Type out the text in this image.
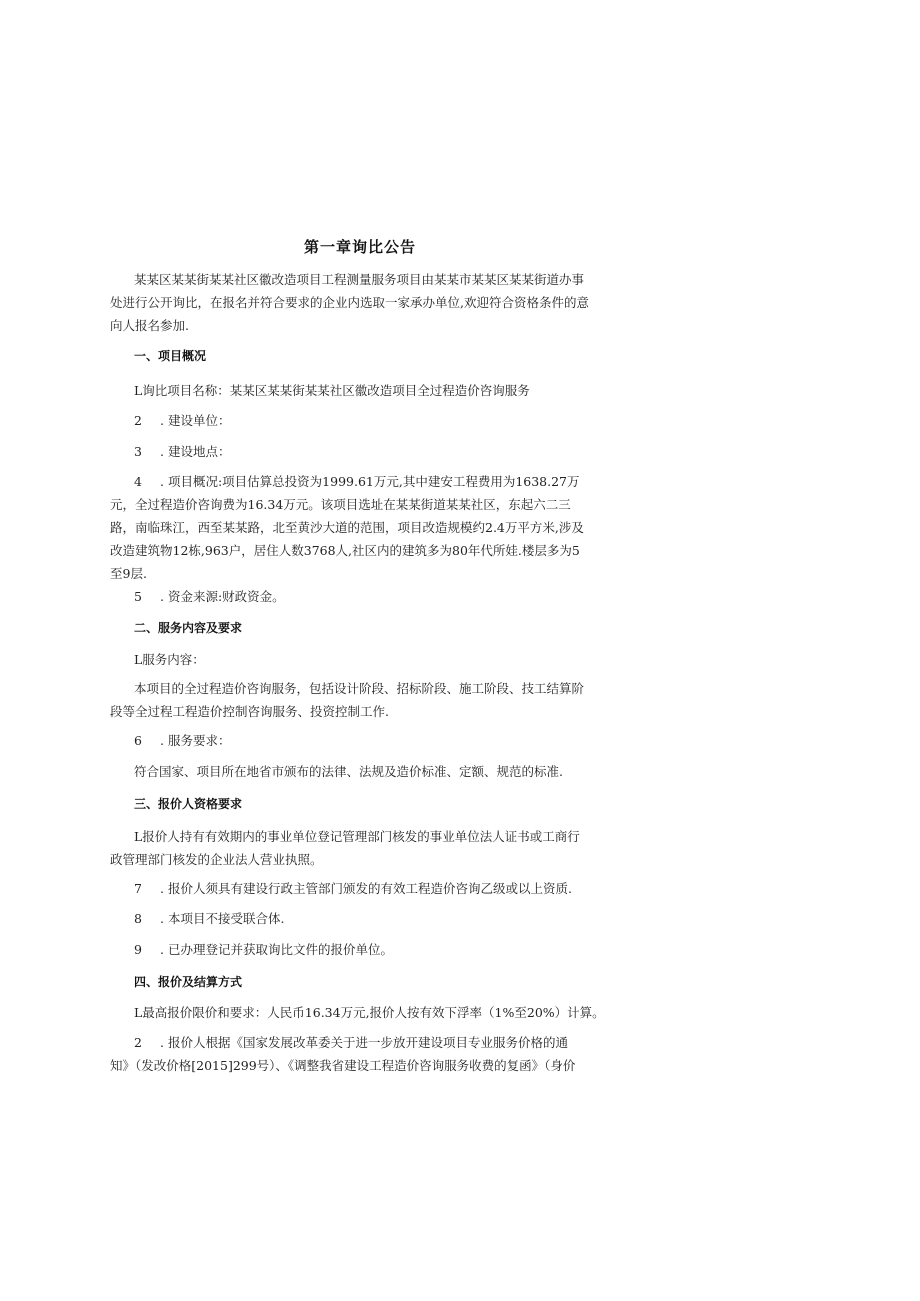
第一章询比公告
某某区某某街某某社区徽改造项目工程测量服务项目由某某市某某区某某街道办事
处进行公开询比，在报名并符合要求的企业内选取一家承办单位,欢迎符合资格条件的意
向人报名参加.
一、项目概况
L询比项目名称：某某区某某街某某社区徽改造项目全过程造价咨询服务
2 . 建设单位：
3 . 建设地点：
4 . 项目概况:项目估算总投资为1999.61万元,其中建安工程费用为1638.27万
元，全过程造价咨询费为16.34万元。该项目选址在某某街道某某社区，东起六二三
路，南临珠江，西至某某路，北至黄沙大道的范围，项目改造规模约2.4万平方米,涉及
改造建筑物12栋,963户，居住人数3768人,社区内的建筑多为80年代所娃.楼层多为5
至9层.
5 . 资金来源:财政资金。
二、服务内容及要求
L服务内容：
本项目的全过程造价咨询服务，包括设计阶段、招标阶段、施工阶段、技工结算阶
段等全过程工程造价控制咨询服务、投资控制工作.
6 . 服务要求：
符合国家、项目所在地省市颁布的法律、法规及造价标准、定额、规范的标准.
三、报价人资格要求
L报价人持有有效期内的事业单位登记管理部门核发的事业单位法人证书或工商行
政管理部门核发的企业法人营业执照。
7 . 报价人须具有建设行政主管部门颁发的有效工程造价咨询乙级或以上资质.
8 . 本项目不接受联合体.
9 . 已办理登记并获取询比文件的报价单位。
四、报价及结算方式
L最高报价限价和要求：人民币16.34万元,报价人按有效下浮率（1%至20%）计算。
2 . 报价人根据《国家发展改革委关于进一步放开建设项目专业服务价格的通
知》（发改价格[2015]299号）、《调整我省建设工程造价咨询服务收费的复函》（身价
